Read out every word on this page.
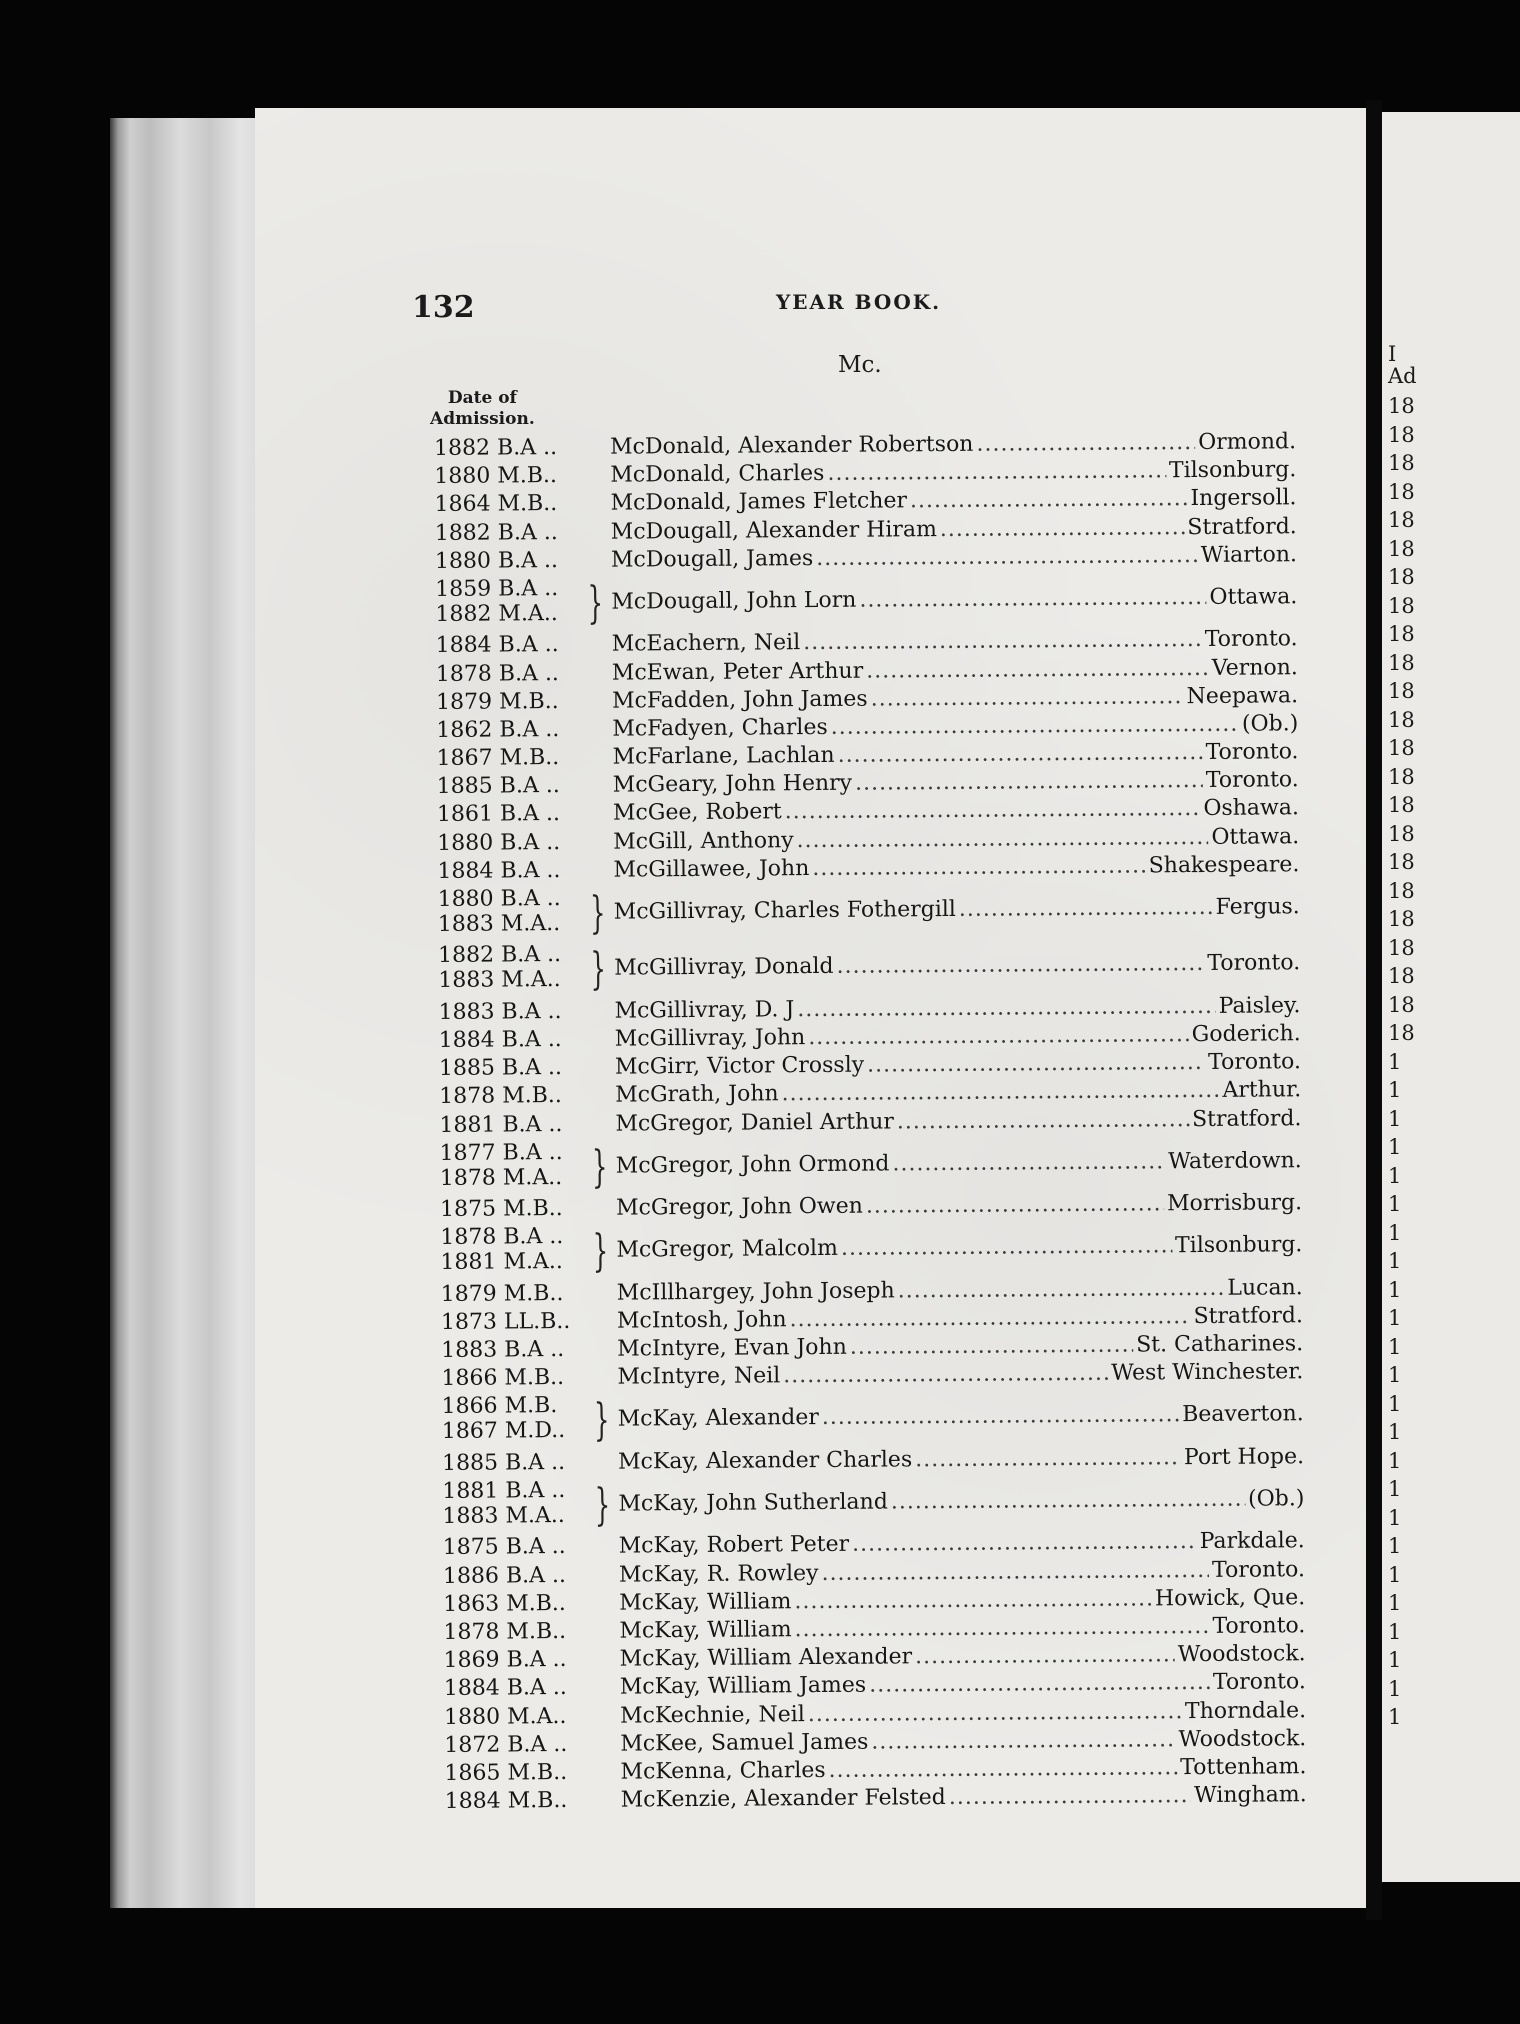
I
Ad
18
18
18
18
18
18
18
18
18
18
18
18
18
18
18
18
18
18
18
18
18
18
18
1
1
1
1
1
1
1
1
1
1
1
1
1
1
1
1
1
1
1
1
1
1
1
1
132	YEAR BOOK.
Mc.
Date of
Admission.
1882 B.A ..	McDonald, Alexander Robertson .....	Ormond.
1880 M.B..	McDonald, Charles .....	Tilsonburg.
1864 M.B..	McDonald, James Fletcher .....	Ingersoll.
1882 B.A ..	McDougall, Alexander Hiram .....	Stratford.
1880 B.A ..	McDougall, James .....	Wiarton.
1859 B.A ..
1882 M.A.. } McDougall, John Lorn .....	Ottawa.
1884 B.A ..	McEachern, Neil .....	Toronto.
1878 B.A ..	McEwan, Peter Arthur .....	Vernon.
1879 M.B..	McFadden, John James .....	Neepawa.
1862 B.A ..	McFadyen, Charles .....	(Ob.)
1867 M.B..	McFarlane, Lachlan .....	Toronto.
1885 B.A ..	McGeary, John Henry .....	Toronto.
1861 B.A ..	McGee, Robert .....	Oshawa.
1880 B.A ..	McGill, Anthony .....	Ottawa.
1884 B.A ..	McGillawee, John .....	Shakespeare.
1880 B.A ..
1883 M.A.. } McGillivray, Charles Fothergill .....	Fergus.
1882 B.A ..
1883 M.A.. } McGillivray, Donald .....	Toronto.
1883 B.A ..	McGillivray, D. J .....	Paisley.
1884 B.A ..	McGillivray, John .....	Goderich.
1885 B.A ..	McGirr, Victor Crossly .....	Toronto.
1878 M.B..	McGrath, John .....	Arthur.
1881 B.A ..	McGregor, Daniel Arthur .....	Stratford.
1877 B.A ..
1878 M.A.. } McGregor, John Ormond .....	Waterdown.
1875 M.B..	McGregor, John Owen .....	Morrisburg.
1878 B.A ..
1881 M.A.. } McGregor, Malcolm .....	Tilsonburg.
1879 M.B..	McIllhargey, John Joseph .....	Lucan.
1873 LL.B..	McIntosh, John .....	Stratford.
1883 B.A ..	McIntyre, Evan John .....	St. Catharines.
1866 M.B..	McIntyre, Neil .....	West Winchester.
1866 M.B.
1867 M.D.. } McKay, Alexander .....	Beaverton.
1885 B.A ..	McKay, Alexander Charles .....	Port Hope.
1881 B.A ..
1883 M.A.. } McKay, John Sutherland .....	(Ob.)
1875 B.A ..	McKay, Robert Peter .....	Parkdale.
1886 B.A ..	McKay, R. Rowley .....	Toronto.
1863 M.B..	McKay, William .....	Howick, Que.
1878 M.B..	McKay, William .....	Toronto.
1869 B.A ..	McKay, William Alexander .....	Woodstock.
1884 B.A ..	McKay, William James .....	Toronto.
1880 M.A..	McKechnie, Neil .....	Thorndale.
1872 B.A ..	McKee, Samuel James .....	Woodstock.
1865 M.B..	McKenna, Charles .....	Tottenham.
1884 M.B..	McKenzie, Alexander Felsted .....	Wingham.
